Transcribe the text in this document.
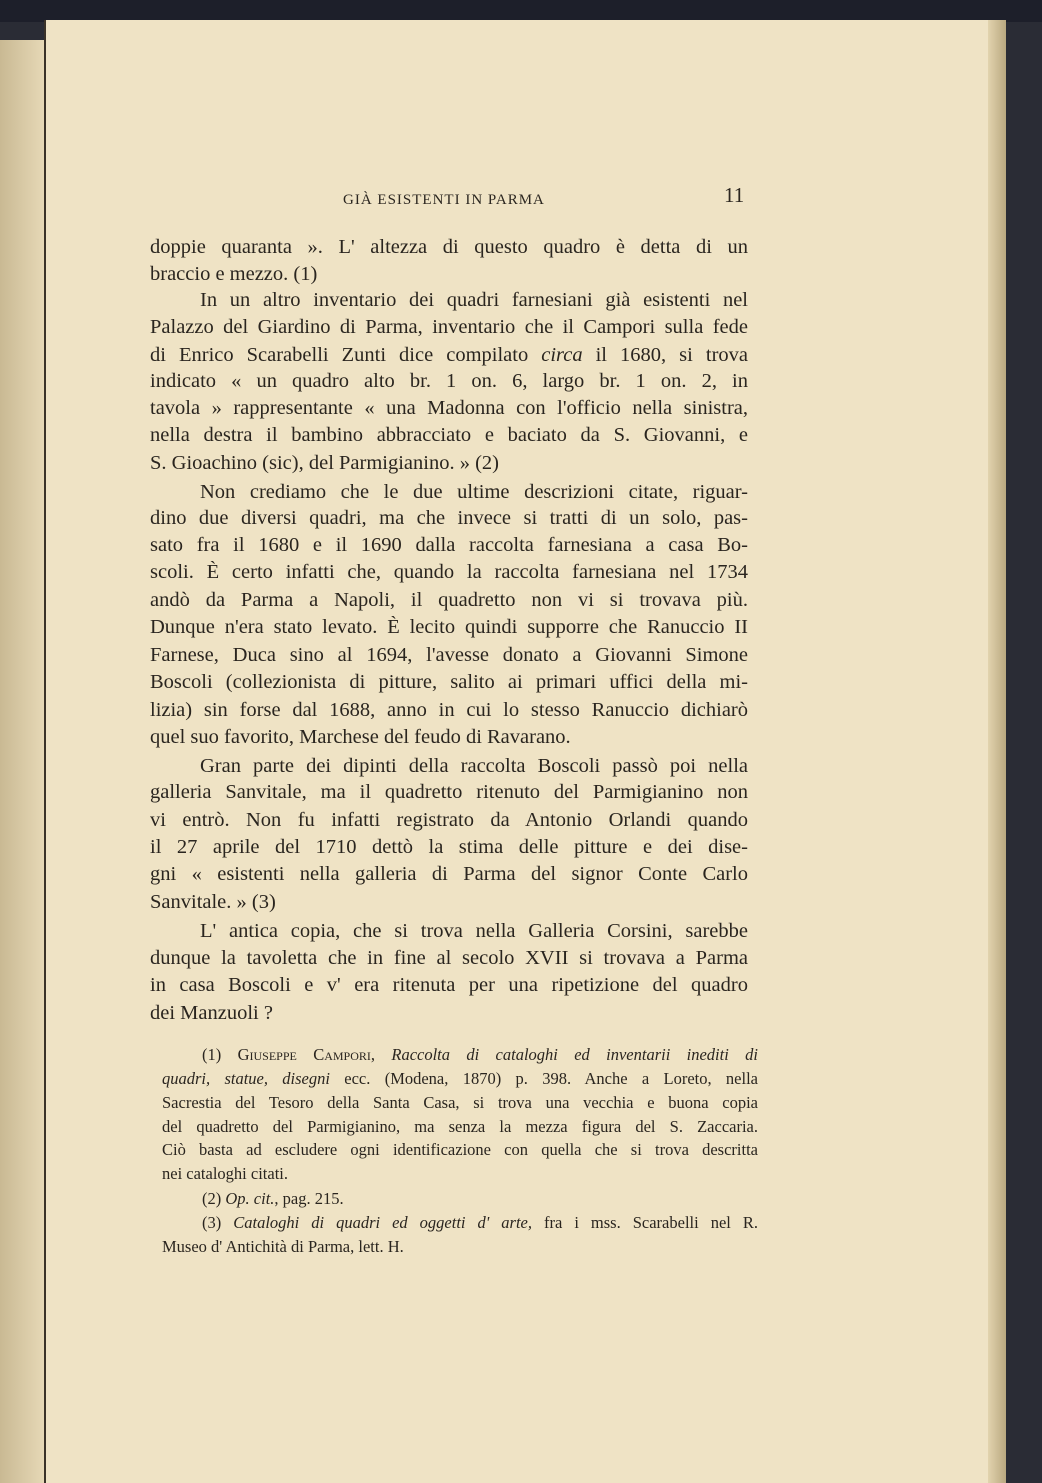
GIÀ ESISTENTI IN PARMA	11
doppie quaranta ». L' altezza di questo quadro è detta di un
braccio e mezzo. (1)
In un altro inventario dei quadri farnesiani già esistenti nel
Palazzo del Giardino di Parma, inventario che il Campori sulla fede
di Enrico Scarabelli Zunti dice compilato circa il 1680, si trova
indicato « un quadro alto br. 1 on. 6, largo br. 1 on. 2, in
tavola » rappresentante « una Madonna con l'officio nella sinistra,
nella destra il bambino abbracciato e baciato da S. Giovanni, e
S. Gioachino (sic), del Parmigianino. » (2)
Non crediamo che le due ultime descrizioni citate, riguar-
dino due diversi quadri, ma che invece si tratti di un solo, pas-
sato fra il 1680 e il 1690 dalla raccolta farnesiana a casa Bo-
scoli. È certo infatti che, quando la raccolta farnesiana nel 1734
andò da Parma a Napoli, il quadretto non vi si trovava più.
Dunque n'era stato levato. È lecito quindi supporre che Ranuccio II
Farnese, Duca sino al 1694, l'avesse donato a Giovanni Simone
Boscoli (collezionista di pitture, salito ai primari uffici della mi-
lizia) sin forse dal 1688, anno in cui lo stesso Ranuccio dichiarò
quel suo favorito, Marchese del feudo di Ravarano.
Gran parte dei dipinti della raccolta Boscoli passò poi nella
galleria Sanvitale, ma il quadretto ritenuto del Parmigianino non
vi entrò. Non fu infatti registrato da Antonio Orlandi quando
il 27 aprile del 1710 dettò la stima delle pitture e dei dise-
gni « esistenti nella galleria di Parma del signor Conte Carlo
Sanvitale. » (3)
L' antica copia, che si trova nella Galleria Corsini, sarebbe
dunque la tavoletta che in fine al secolo XVII si trovava a Parma
in casa Boscoli e v' era ritenuta per una ripetizione del quadro
dei Manzuoli ?
(1) Giuseppe Campori, Raccolta di cataloghi ed inventarii inediti di
quadri, statue, disegni ecc. (Modena, 1870) p. 398. Anche a Loreto, nella
Sacrestia del Tesoro della Santa Casa, si trova una vecchia e buona copia
del quadretto del Parmigianino, ma senza la mezza figura del S. Zaccaria.
Ciò basta ad escludere ogni identificazione con quella che si trova descritta
nei cataloghi citati.
(2) Op. cit., pag. 215.
(3) Cataloghi di quadri ed oggetti d' arte, fra i mss. Scarabelli nel R.
Museo d' Antichità di Parma, lett. H.
